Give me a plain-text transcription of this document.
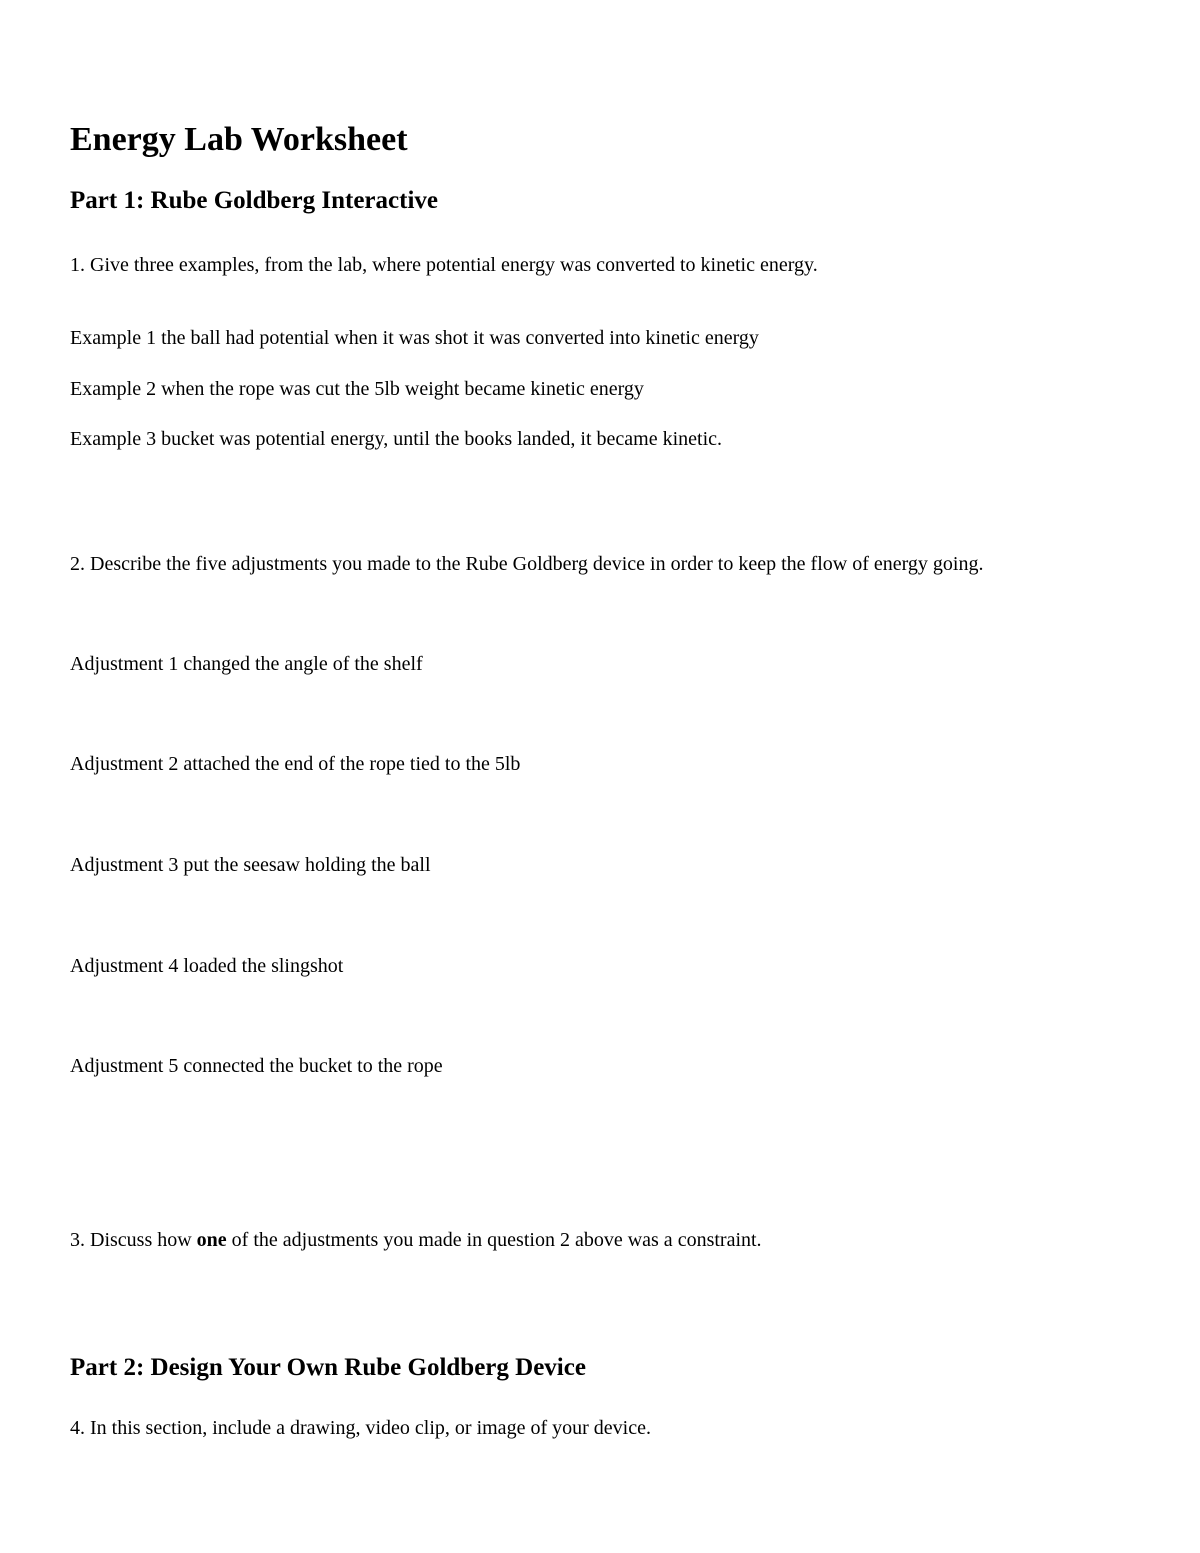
Energy Lab Worksheet
Part 1: Rube Goldberg Interactive

1. Give three examples, from the lab, where potential energy was converted to kinetic energy.

Example 1 the ball had potential when it was shot it was converted into kinetic energy

Example 2 when the rope was cut the 5lb weight became kinetic energy

Example 3 bucket was potential energy, until the books landed, it became kinetic.

2. Describe the five adjustments you made to the Rube Goldberg device in order to keep the flow of energy going.

Adjustment 1 changed the angle of the shelf

Adjustment 2 attached the end of the rope tied to the 5lb

Adjustment 3 put the seesaw holding the ball

Adjustment 4 loaded the slingshot

Adjustment 5 connected the bucket to the rope

3. Discuss how one of the adjustments you made in question 2 above was a constraint.

Part 2: Design Your Own Rube Goldberg Device

4. In this section, include a drawing, video clip, or image of your device.
